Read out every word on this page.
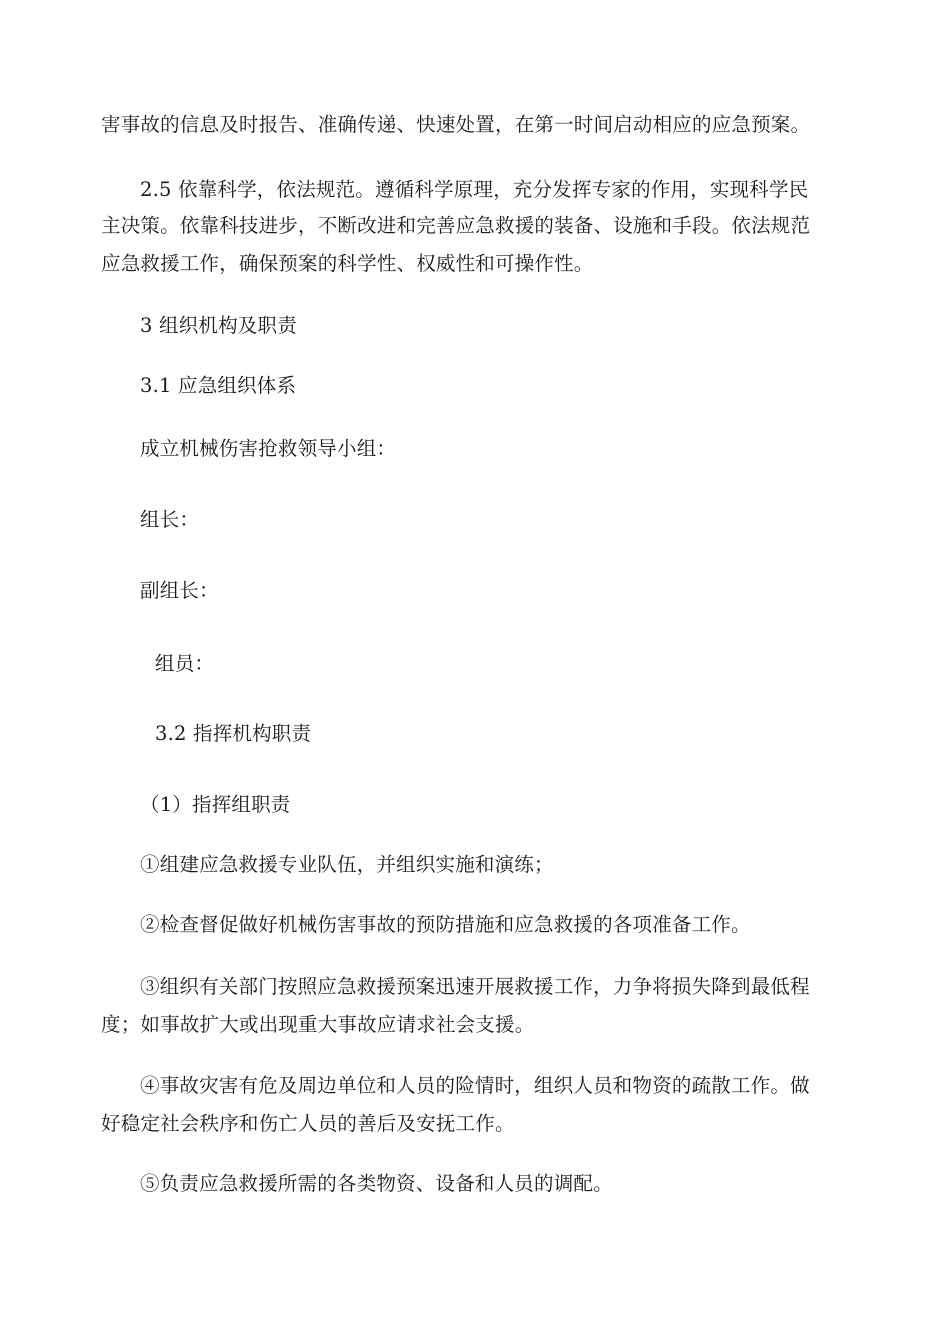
害事故的信息及时报告、准确传递、快速处置，在第一时间启动相应的应急预案。
2.5 依靠科学，依法规范。遵循科学原理，充分发挥专家的作用，实现科学民
主决策。依靠科技进步，不断改进和完善应急救援的装备、设施和手段。依法规范
应急救援工作，确保预案的科学性、权威性和可操作性。
3 组织机构及职责
3.1 应急组织体系
成立机械伤害抢救领导小组：
组长：
副组长：
组员：
3.2 指挥机构职责
（1）指挥组职责
①组建应急救援专业队伍，并组织实施和演练；
②检查督促做好机械伤害事故的预防措施和应急救援的各项准备工作。
③组织有关部门按照应急救援预案迅速开展救援工作，力争将损失降到最低程
度；如事故扩大或出现重大事故应请求社会支援。
④事故灾害有危及周边单位和人员的险情时，组织人员和物资的疏散工作。做
好稳定社会秩序和伤亡人员的善后及安抚工作。
⑤负责应急救援所需的各类物资、设备和人员的调配。
